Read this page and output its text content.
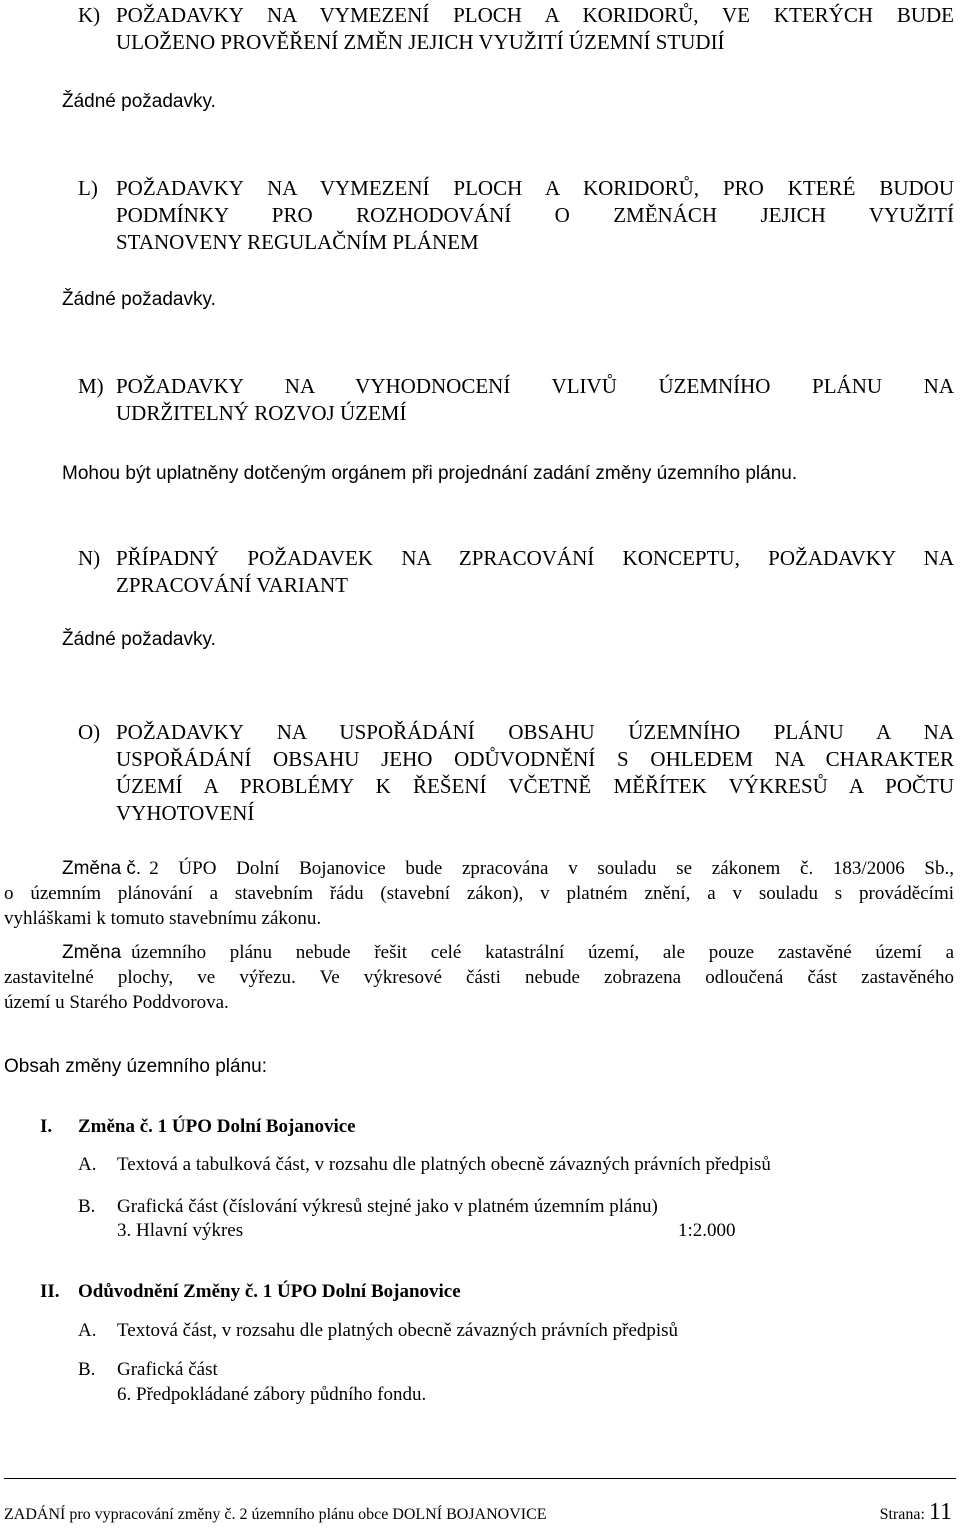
K) POŽADAVKY NA VYMEZENÍ PLOCH A KORIDORŮ, VE KTERÝCH BUDE
ULOŽENO PROVĚŘENÍ ZMĚN JEJICH VYUŽITÍ ÚZEMNÍ STUDIÍ

Žádné požadavky.

L) POŽADAVKY NA VYMEZENÍ PLOCH A KORIDORŮ, PRO KTERÉ BUDOU
PODMÍNKY PRO ROZHODOVÁNÍ O ZMĚNÁCH JEJICH VYUŽITÍ
STANOVENY REGULAČNÍM PLÁNEM

Žádné požadavky.

M) POŽADAVKY NA VYHODNOCENÍ VLIVŮ ÚZEMNÍHO PLÁNU NA
UDRŽITELNÝ ROZVOJ ÚZEMÍ

Mohou být uplatněny dotčeným orgánem při projednání zadání změny územního plánu.

N) PŘÍPADNÝ POŽADAVEK NA ZPRACOVÁNÍ KONCEPTU, POŽADAVKY NA
ZPRACOVÁNÍ VARIANT

Žádné požadavky.

O) POŽADAVKY NA USPOŘÁDÁNÍ OBSAHU ÚZEMNÍHO PLÁNU A NA
USPOŘÁDÁNÍ OBSAHU JEHO ODŮVODNĚNÍ S OHLEDEM NA CHARAKTER
ÚZEMÍ A PROBLÉMY K ŘEŠENÍ VČETNĚ MĚŘÍTEK VÝKRESŮ A POČTU
VYHOTOVENÍ
Změna č. 2 ÚPO Dolní Bojanovice bude zpracována v souladu se zákonem č. 183/2006 Sb.,
o územním plánování a stavebním řádu (stavební zákon), v platném znění, a v souladu s prováděcími
vyhláškami k tomuto stavebnímu zákonu.
Změna územního plánu nebude řešit celé katastrální území, ale pouze zastavěné území a
zastavitelné plochy, ve výřezu. Ve výkresové části nebude zobrazena odloučená část zastavěného
území u Starého Poddvorova.

Obsah změny územního plánu:

I. Změna č. 1 ÚPO Dolní Bojanovice

A. Textová a tabulková část, v rozsahu dle platných obecně závazných právních předpisů

B. Grafická část (číslování výkresů stejné jako v platném územním plánu)

3. Hlavní výkres	1:2.000

II. Odůvodnění Změny č. 1 ÚPO Dolní Bojanovice

A. Textová část, v rozsahu dle platných obecně závazných právních předpisů

B. Grafická část

6. Předpokládané zábory půdního fondu.

ZADÁNÍ pro vypracování změny č. 2 územního plánu obce DOLNÍ BOJANOVICE	Strana: 11
